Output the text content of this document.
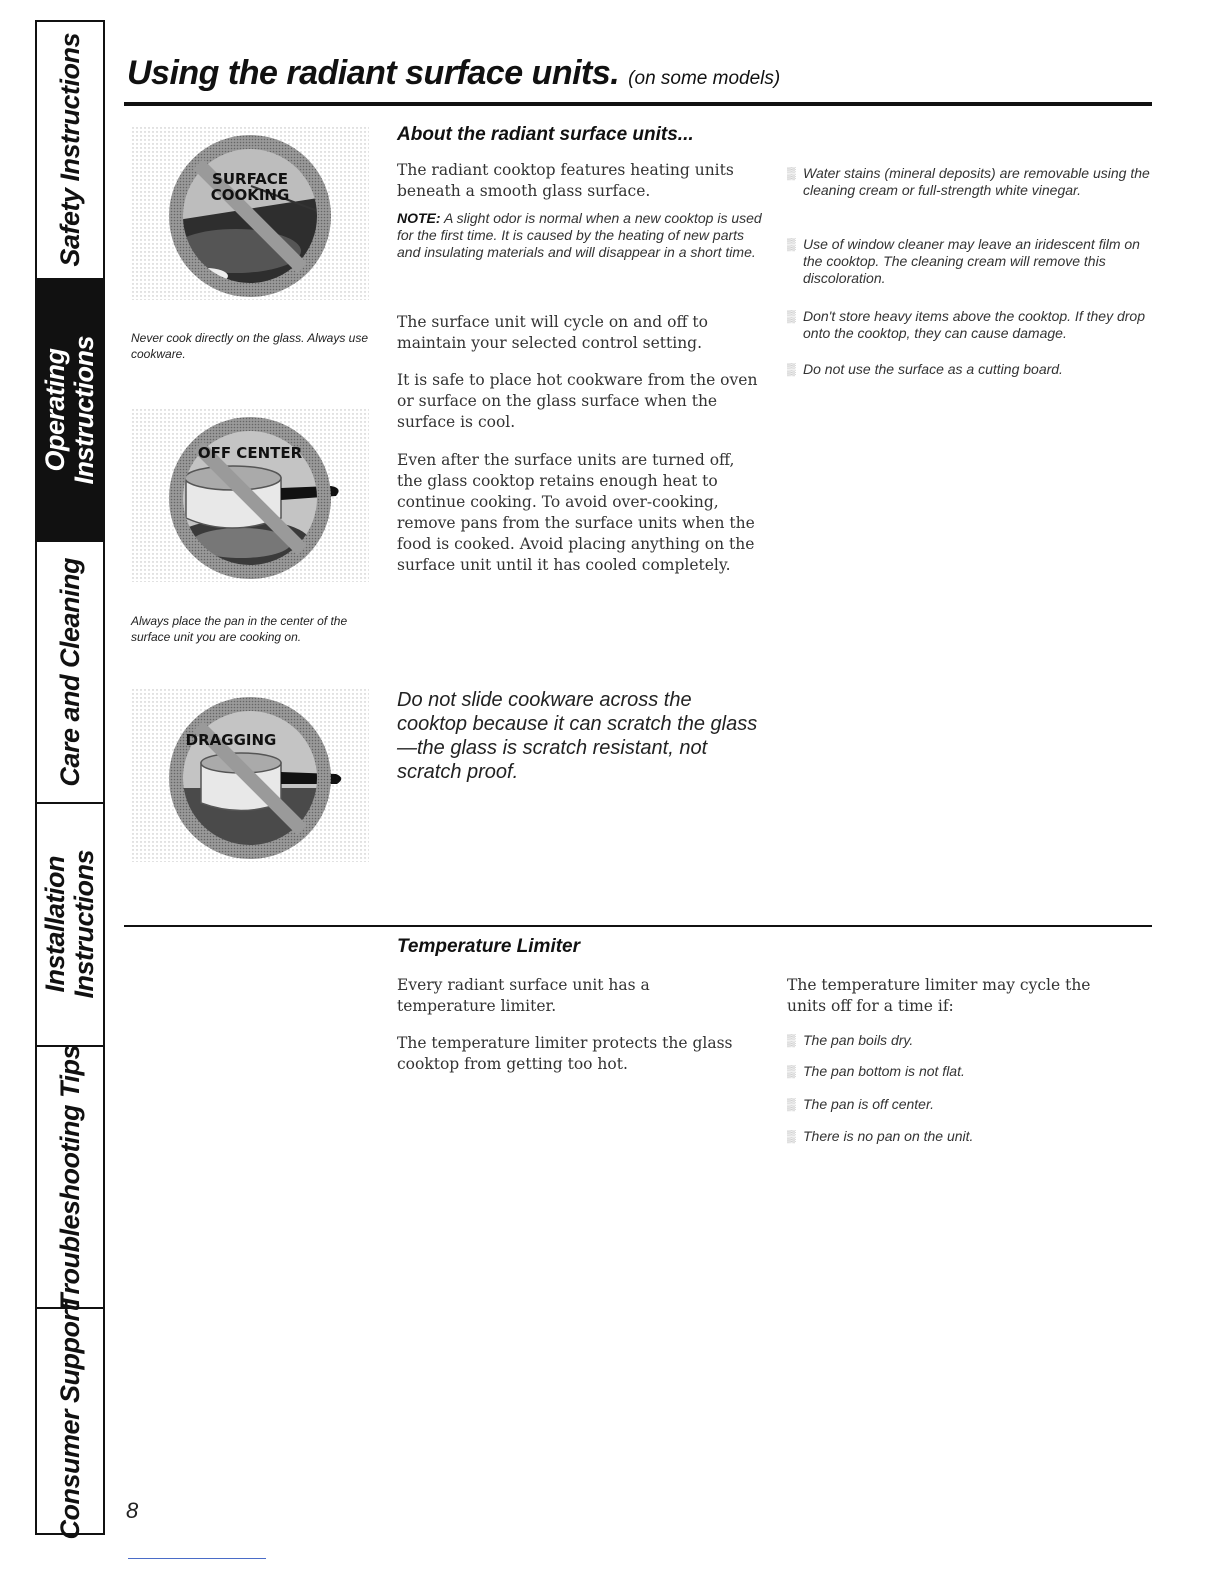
Safety Instructions
Operating
Instructions
Care and Cleaning
Installation
Instructions
Troubleshooting Tips
Consumer Support
Using the radiant surface units. (on some models)
SURFACE
COOKING
Never cook directly on the glass. Always use cookware.
OFF CENTER
Always place the pan in the center of the surface unit you are cooking on.
DRAGGING
About the radiant surface units...

The radiant cooktop features heating units beneath a smooth glass surface.

NOTE: A slight odor is normal when a new cooktop is used for the first time. It is caused by the heating of new parts and insulating materials and will disappear in a short time.

The surface unit will cycle on and off to maintain your selected control setting.

It is safe to place hot cookware from the oven or surface on the glass surface when the surface is cool.

Even after the surface units are turned off, the glass cooktop retains enough heat to continue cooking. To avoid over-cooking, remove pans from the surface units when the food is cooked. Avoid placing anything on the surface unit until it has cooled completely.

▒ Water stains (mineral deposits) are removable using the cleaning cream or full-strength white vinegar.
▒ Use of window cleaner may leave an iridescent film on the cooktop. The cleaning cream will remove this discoloration.
▒ Don't store heavy items above the cooktop. If they drop onto the cooktop, they can cause damage.
▒ Do not use the surface as a cutting board.
Do not slide cookware across the cooktop because it can scratch the glass—the glass is scratch resistant, not scratch proof.
Temperature Limiter

Every radiant surface unit has a temperature limiter.

The temperature limiter protects the glass cooktop from getting too hot.

The temperature limiter may cycle the units off for a time if:

▒ The pan boils dry.
▒ The pan bottom is not flat.
▒ The pan is off center.
▒ There is no pan on the unit.
8
